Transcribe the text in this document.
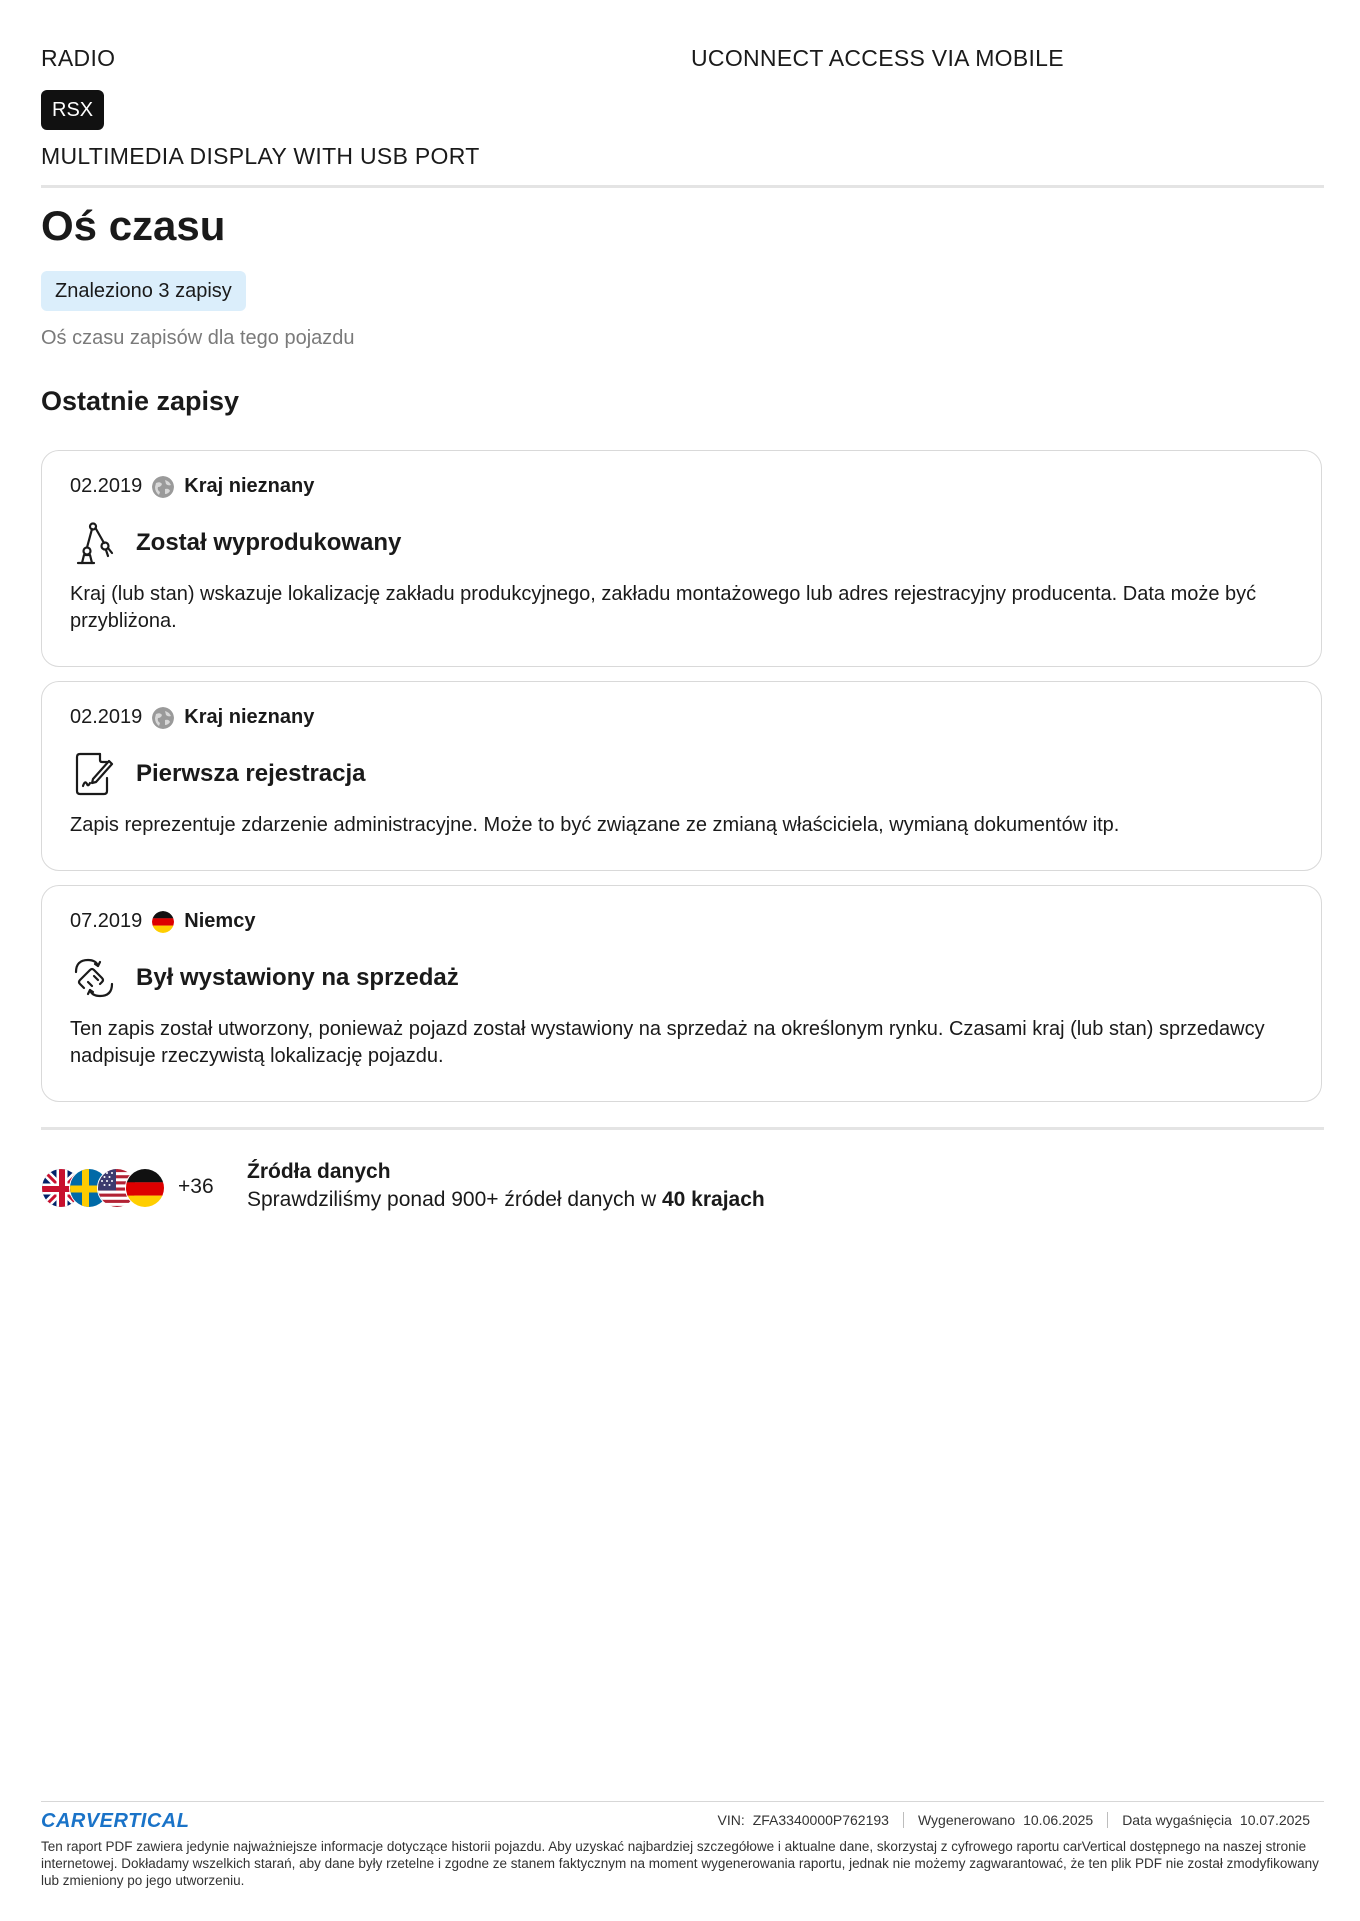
RADIO
RSX
MULTIMEDIA DISPLAY WITH USB PORT
UCONNECT ACCESS VIA MOBILE
Oś czasu
Znaleziono 3 zapisy
Oś czasu zapisów dla tego pojazdu
Ostatnie zapisy
02.2019 Kraj nieznany
Został wyprodukowany
Kraj (lub stan) wskazuje lokalizację zakładu produkcyjnego, zakładu montażowego lub adres rejestracyjny producenta. Data może być przybliżona.
02.2019 Kraj nieznany
Pierwsza rejestracja
Zapis reprezentuje zdarzenie administracyjne. Może to być związane ze zmianą właściciela, wymianą dokumentów itp.
07.2019 Niemcy
Był wystawiony na sprzedaż
Ten zapis został utworzony, ponieważ pojazd został wystawiony na sprzedaż na określonym rynku. Czasami kraj (lub stan) sprzedawcy nadpisuje rzeczywistą lokalizację pojazdu.
+36
Źródła danych
Sprawdziliśmy ponad 900+ źródeł danych w 40 krajach
CARVERTICAL	VIN: ZFA3340000P762193	Wygenerowano 10.06.2025	Data wygaśnięcia 10.07.2025
Ten raport PDF zawiera jedynie najważniejsze informacje dotyczące historii pojazdu. Aby uzyskać najbardziej szczegółowe i aktualne dane, skorzystaj z cyfrowego raportu carVertical dostępnego na naszej stronie internetowej. Dokładamy wszelkich starań, aby dane były rzetelne i zgodne ze stanem faktycznym na moment wygenerowania raportu, jednak nie możemy zagwarantować, że ten plik PDF nie został zmodyfikowany lub zmieniony po jego utworzeniu.
